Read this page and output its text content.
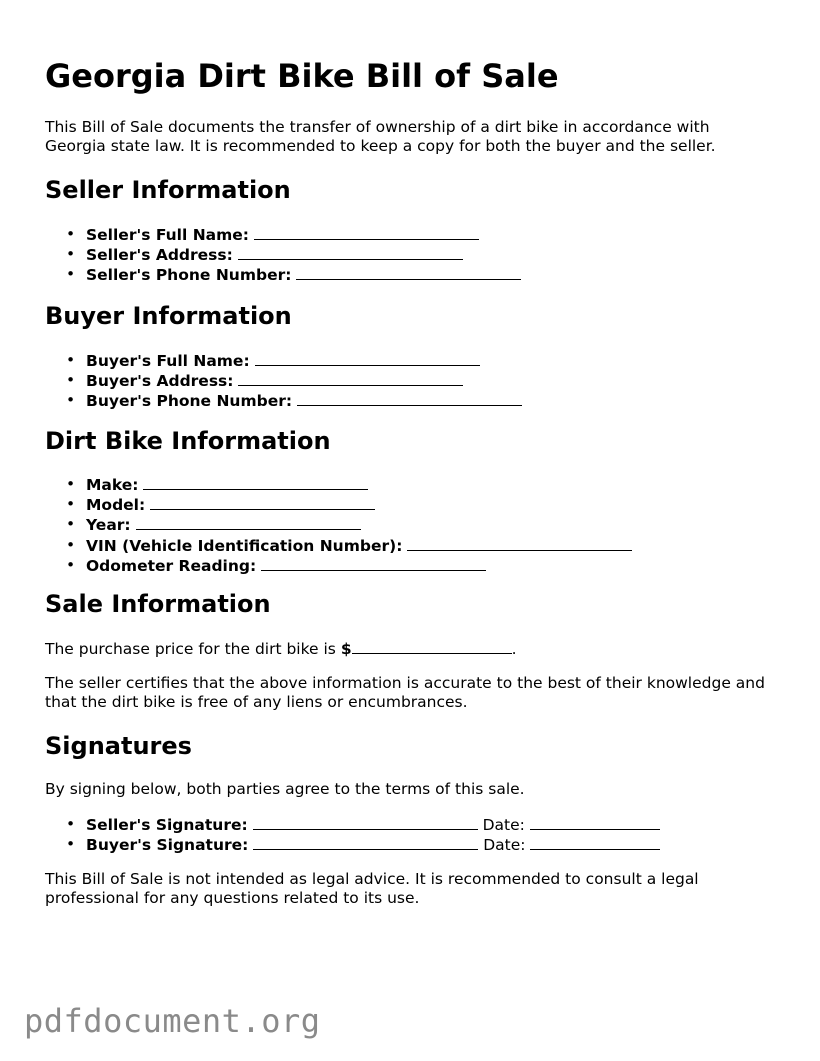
Georgia Dirt Bike Bill of Sale

This Bill of Sale documents the transfer of ownership of a dirt bike in accordance with Georgia state law. It is recommended to keep a copy for both the buyer and the seller.

Seller Information
• Seller's Full Name:
• Seller's Address:
• Seller's Phone Number:
Buyer Information
• Buyer's Full Name:
• Buyer's Address:
• Buyer's Phone Number:
Dirt Bike Information
• Make:
• Model:
• Year:
• VIN (Vehicle Identification Number):
• Odometer Reading:
Sale Information

The purchase price for the dirt bike is $	.

The seller certifies that the above information is accurate to the best of their knowledge and that the dirt bike is free of any liens or encumbrances.

Signatures

By signing below, both parties agree to the terms of this sale.

• Seller's Signature:	Date:
• Buyer's Signature:	Date:

This Bill of Sale is not intended as legal advice. It is recommended to consult a legal professional for any questions related to its use.

pdfdocument.org
